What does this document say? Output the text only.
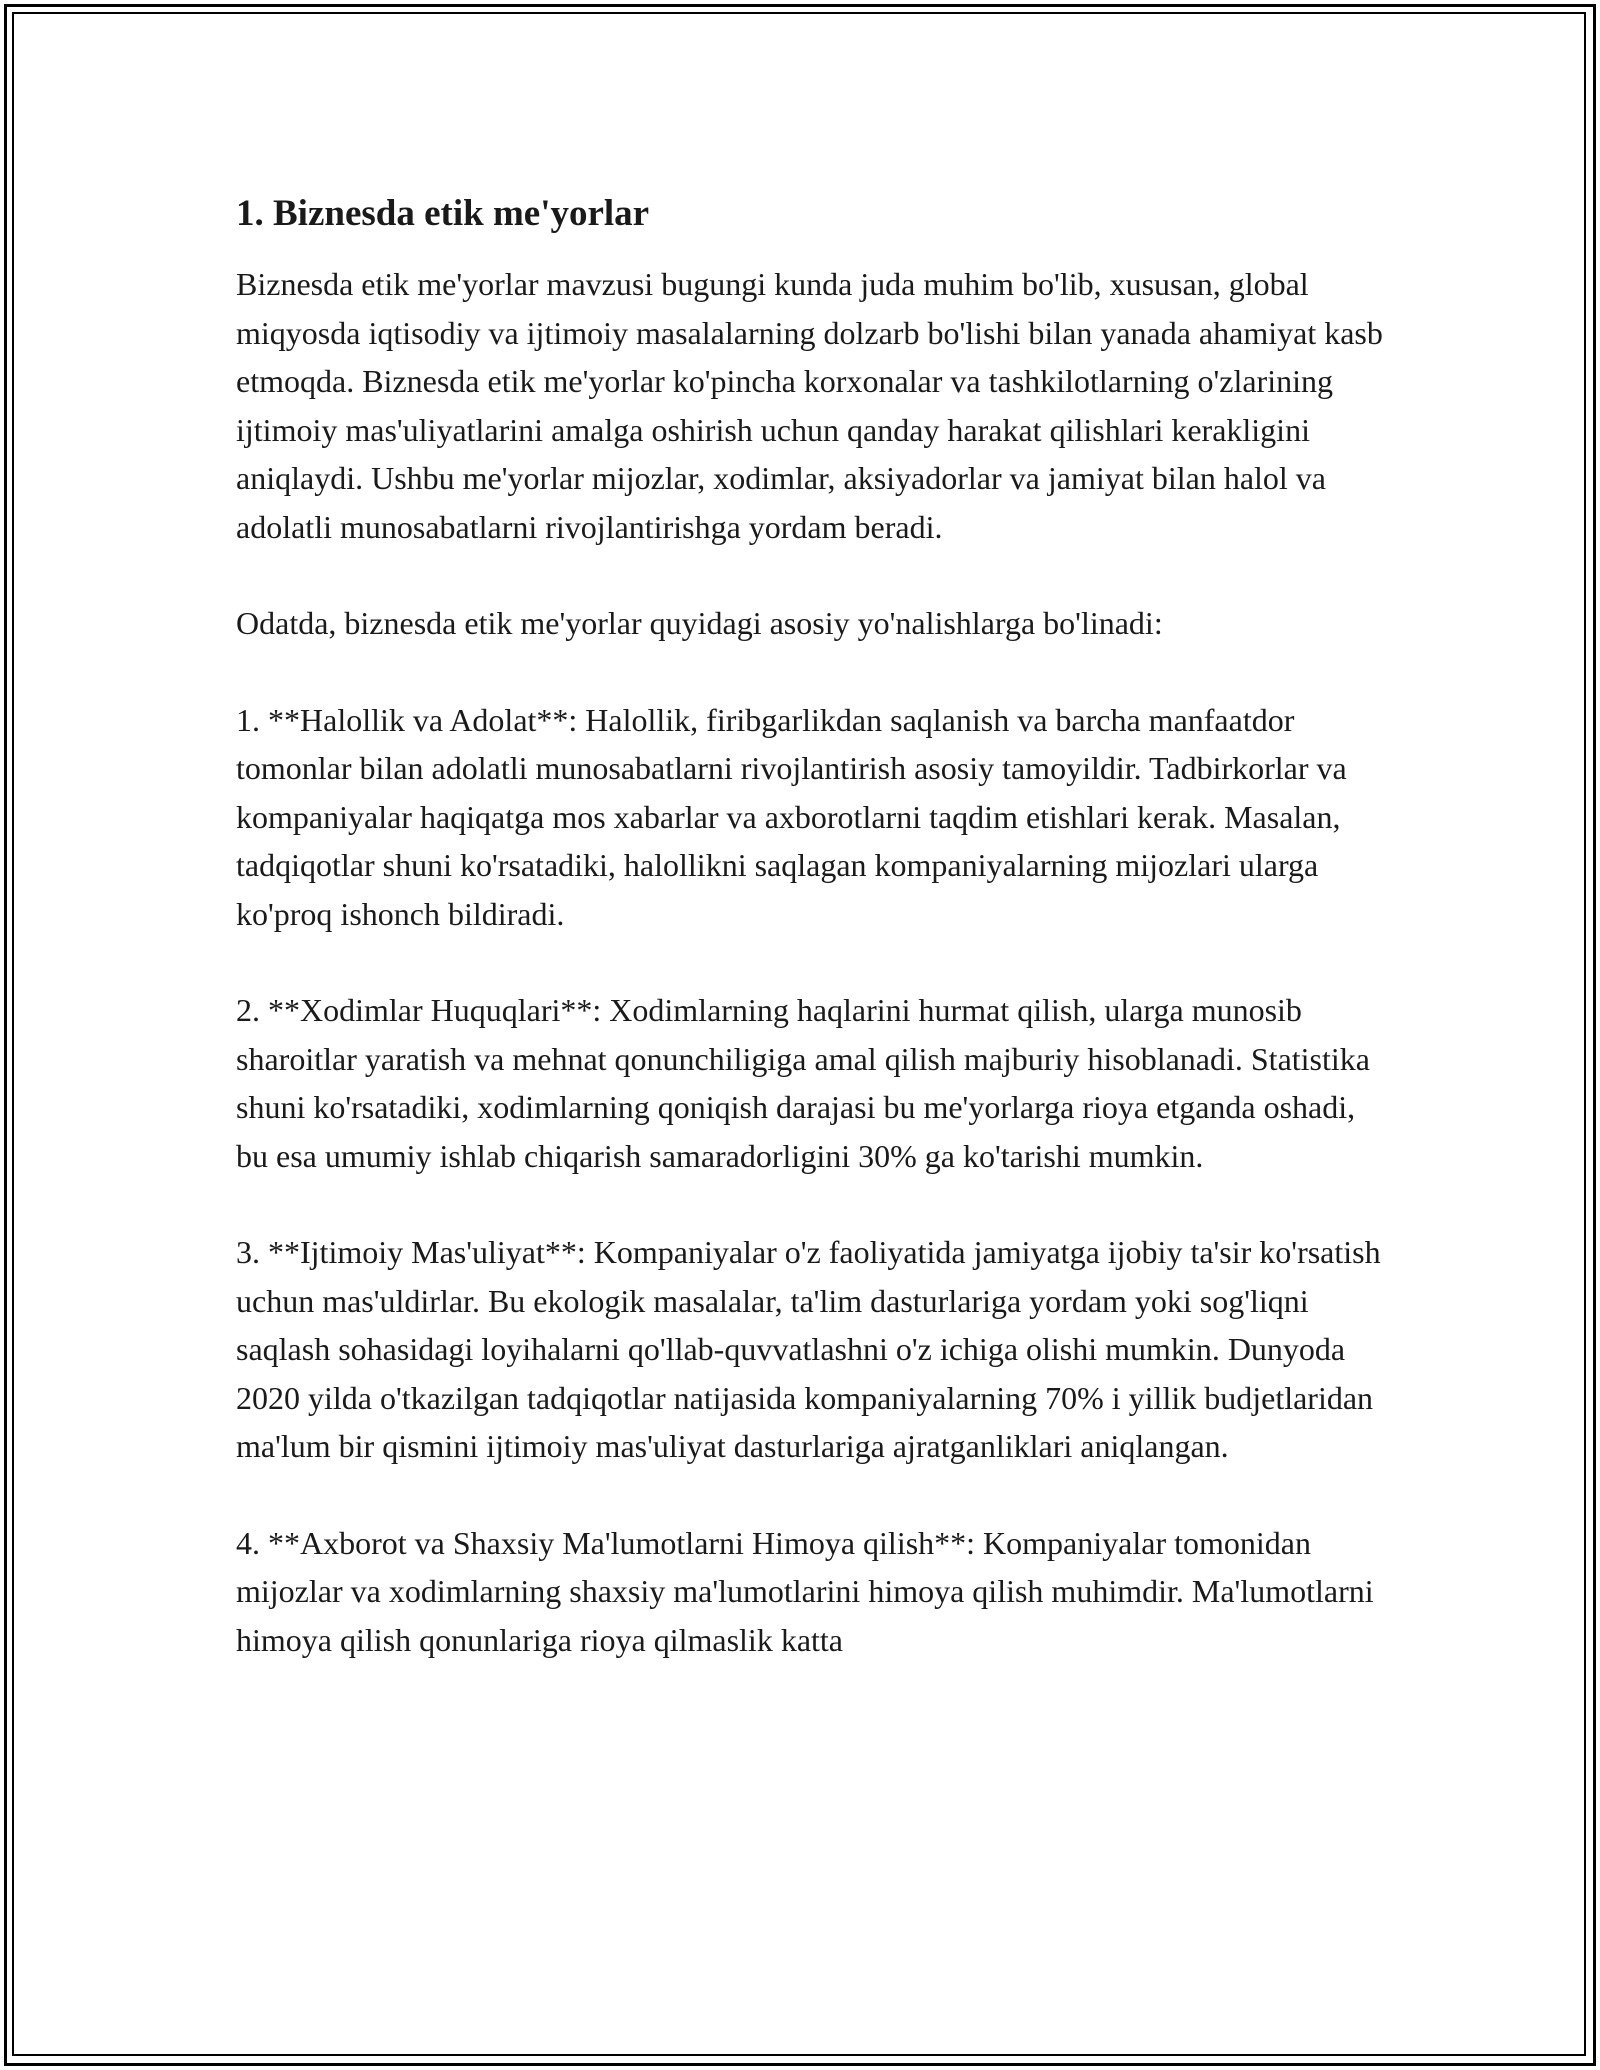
1. Biznesda etik me'yorlar

Biznesda etik me'yorlar mavzusi bugungi kunda juda muhim bo'lib, xususan, global miqyosda iqtisodiy va ijtimoiy masalalarning dolzarb bo'lishi bilan yanada ahamiyat kasb etmoqda. Biznesda etik me'yorlar ko'pincha korxonalar va tashkilotlarning o'zlarining ijtimoiy mas'uliyatlarini amalga oshirish uchun qanday harakat qilishlari kerakligini aniqlaydi. Ushbu me'yorlar mijozlar, xodimlar, aksiyadorlar va jamiyat bilan halol va adolatli munosabatlarni rivojlantirishga yordam beradi.

Odatda, biznesda etik me'yorlar quyidagi asosiy yo'nalishlarga bo'linadi:

1. **Halollik va Adolat**: Halollik, firibgarlikdan saqlanish va barcha manfaatdor tomonlar bilan adolatli munosabatlarni rivojlantirish asosiy tamoyildir. Tadbirkorlar va kompaniyalar haqiqatga mos xabarlar va axborotlarni taqdim etishlari kerak. Masalan, tadqiqotlar shuni ko'rsatadiki, halollikni saqlagan kompaniyalarning mijozlari ularga ko'proq ishonch bildiradi.

2. **Xodimlar Huquqlari**: Xodimlarning haqlarini hurmat qilish, ularga munosib sharoitlar yaratish va mehnat qonunchiligiga amal qilish majburiy hisoblanadi. Statistika shuni ko'rsatadiki, xodimlarning qoniqish darajasi bu me'yorlarga rioya etganda oshadi, bu esa umumiy ishlab chiqarish samaradorligini 30% ga ko'tarishi mumkin.

3. **Ijtimoiy Mas'uliyat**: Kompaniyalar o'z faoliyatida jamiyatga ijobiy ta'sir ko'rsatish uchun mas'uldirlar. Bu ekologik masalalar, ta'lim dasturlariga yordam yoki sog'liqni saqlash sohasidagi loyihalarni qo'llab-quvvatlashni o'z ichiga olishi mumkin. Dunyoda 2020 yilda o'tkazilgan tadqiqotlar natijasida kompaniyalarning 70% i yillik budjetlaridan ma'lum bir qismini ijtimoiy mas'uliyat dasturlariga ajratganliklari aniqlangan.

4. **Axborot va Shaxsiy Ma'lumotlarni Himoya qilish**: Kompaniyalar tomonidan mijozlar va xodimlarning shaxsiy ma'lumotlarini himoya qilish muhimdir. Ma'lumotlarni himoya qilish qonunlariga rioya qilmaslik katta
